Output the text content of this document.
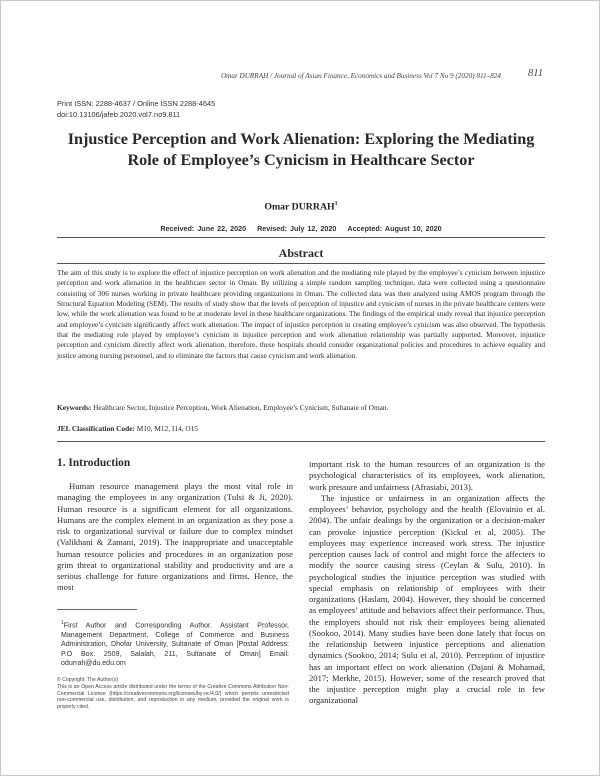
Omar DURRAH / Journal of Asian Finance, Economics and Business Vol 7 No 9 (2020) 811–824	811
Print ISSN: 2288-4637 / Online ISSN 2288-4645
doi:10.13106/jafeb.2020.vol7.no9.811
Injustice Perception and Work Alienation: Exploring the Mediating Role of Employee’s Cynicism in Healthcare Sector
Omar DURRAH$^1$
Received: June 22, 2020 Revised: July 12, 2020 Accepted: August 10, 2020
Abstract

The aim of this study is to explore the effect of injustice perception on work alienation and the mediating role played by the employee’s cynicism between injustice perception and work alienation in the healthcare sector in Oman. By utilizing a simple random sampling technique, data were collected using a questionnaire consisting of 306 nurses working in private healthcare providing organizations in Oman. The collected data was then analyzed using AMOS program through the Structural Equation Modeling (SEM). The results of study show that the levels of perception of injustice and cynicism of nurses in the private healthcare centers were low, while the work alienation was found to be at moderate level in these healthcare organizations. The findings of the empirical study reveal that injustice perception and employee’s cynicism significantly affect work alienation. The impact of injustice perception in creating employee’s cynicism was also observed. The hypothesis that the mediating role played by employee’s cynicism in injustice perception and work alienation relationship was partially supported. Moreover, injustice perception and cynicism directly affect work alienation, therefore, these hospitals should consider organizational policies and procedures to achieve equality and justice among nursing personnel, and to eliminate the factors that cause cynicism and work alienation.

Keywords: Healthcare Sector, Injustice Perception, Work Alienation, Employee’s Cynicism, Sultanate of Oman.
JEL Classification Code: M10, M12, I14, O15
1. Introduction

Human resource management plays the most vital role in managing the employees in any organization (Tulsi & Ji, 2020). Human resource is a significant element for all organizations. Humans are the complex element in an organization as they pose a risk to organizational survival or failure due to complex mindset (Valikhani & Zamani, 2019). The inappropriate and unacceptable human resource policies and procedures in an organization pose grim threat to organizational stability and productivity and are a serious challenge for future organizations and firms. Hence, the most

important risk to the human resources of an organization is the psychological characteristics of its employees, work alienation, work pressure and unfairness (Afrasiabi, 2013).

The injustice or unfairness in an organization affects the employees’ behavior, psychology and the health (Elovainio et al. 2004). The unfair dealings by the organization or a decision-maker can provoke injustice perception (Kickul et al, 2005). The employees may experience increased work stress. The injustice perception causes lack of control and might force the affecters to modify the source causing stress (Ceylan & Sulu, 2010). In psychological studies the injustice perception was studied with special emphasis on relationship of employees with their organizations (Haslam, 2004). However, they should be concerned as employees’ attitude and behaviors affect their performance. Thus, the employers should not risk their employees being alienated (Sookoo, 2014). Many studies have been done lately that focus on the relationship between injustice perceptions and alienation dynamics (Sookoo, 2014; Sulu et al, 2010). Perception of injustice has an important effect on work alienation (Dajani & Mohamad, 2017; Merkhe, 2015). However, some of the research proved that the injustice perception might play a crucial role in few organizational

$^1$First Author and Corresponding Author. Assistant Professor, Management Department, College of Commerce and Business Administration, Dhofar University, Sultanate of Oman [Postal Address: P.O Box. 2509, Salalah, 211, Sultanate of Oman] Email: odurrah@du.edu.om
© Copyright: The Author(s)
This is an Open Access article distributed under the terms of the Creative Commons Attribution Non-Commercial License (https://creativecommons.org/licenses/by-nc/4.0/) which permits unrestricted non-commercial use, distribution, and reproduction in any medium, provided the original work is properly cited.
